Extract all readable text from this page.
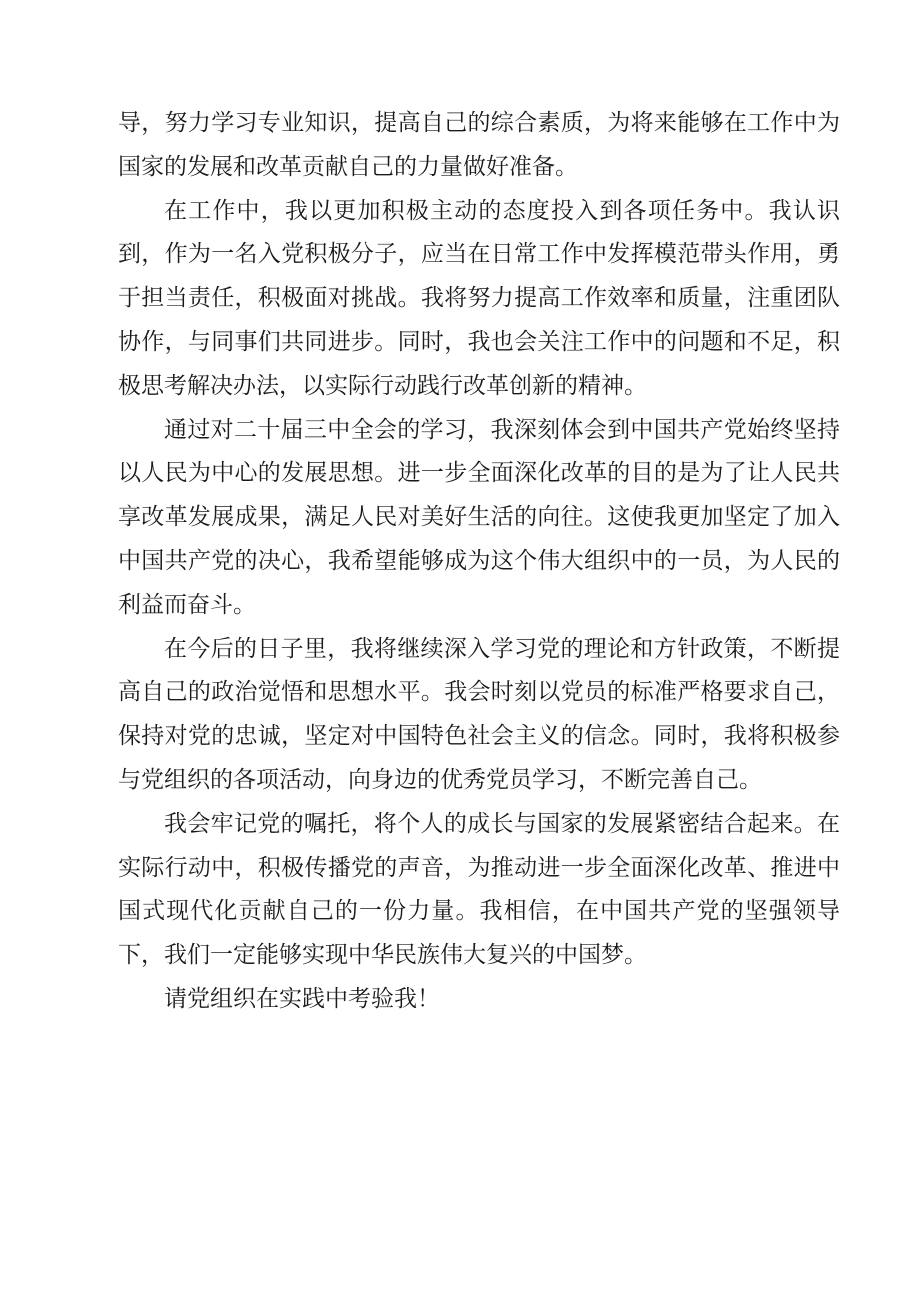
导，努力学习专业知识，提高自己的综合素质，为将来能够在工作中为国家的发展和改革贡献自己的力量做好准备。

在工作中，我以更加积极主动的态度投入到各项任务中。我认识到，作为一名入党积极分子，应当在日常工作中发挥模范带头作用，勇于担当责任，积极面对挑战。我将努力提高工作效率和质量，注重团队协作，与同事们共同进步。同时，我也会关注工作中的问题和不足，积极思考解决办法，以实际行动践行改革创新的精神。

通过对二十届三中全会的学习，我深刻体会到中国共产党始终坚持以人民为中心的发展思想。进一步全面深化改革的目的是为了让人民共享改革发展成果，满足人民对美好生活的向往。这使我更加坚定了加入中国共产党的决心，我希望能够成为这个伟大组织中的一员，为人民的利益而奋斗。

在今后的日子里，我将继续深入学习党的理论和方针政策，不断提高自己的政治觉悟和思想水平。我会时刻以党员的标准严格要求自己，保持对党的忠诚，坚定对中国特色社会主义的信念。同时，我将积极参与党组织的各项活动，向身边的优秀党员学习，不断完善自己。

我会牢记党的嘱托，将个人的成长与国家的发展紧密结合起来。在实际行动中，积极传播党的声音，为推动进一步全面深化改革、推进中国式现代化贡献自己的一份力量。我相信，在中国共产党的坚强领导下，我们一定能够实现中华民族伟大复兴的中国梦。

请党组织在实践中考验我！
